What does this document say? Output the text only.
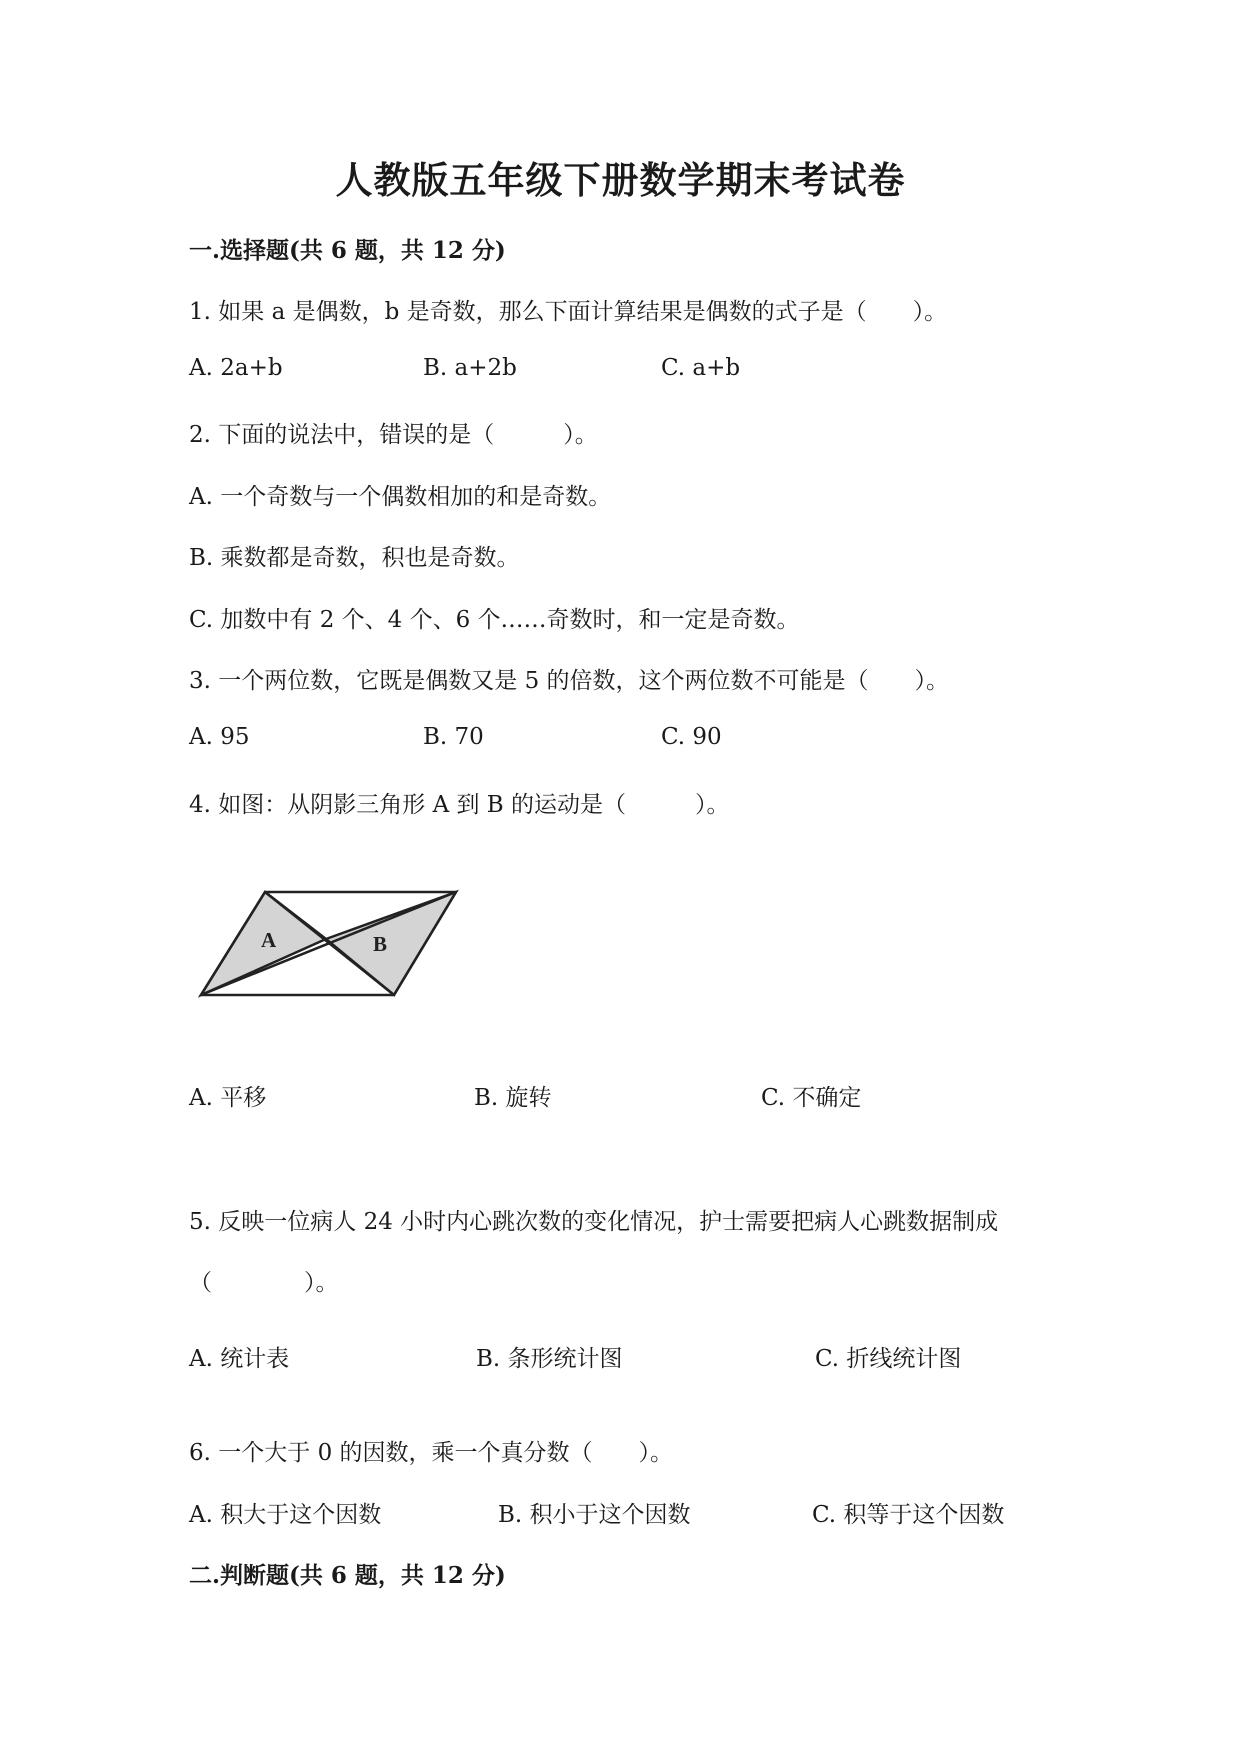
人教版五年级下册数学期末考试卷
一.选择题(共 6 题，共 12 分)
1. 如果 a 是偶数，b 是奇数，那么下面计算结果是偶数的式子是（　　）。
A. 2a+b	B. a+2b	C. a+b
2. 下面的说法中，错误的是（　　　）。
A. 一个奇数与一个偶数相加的和是奇数。
B. 乘数都是奇数，积也是奇数。
C. 加数中有 2 个、4 个、6 个……奇数时，和一定是奇数。
3. 一个两位数，它既是偶数又是 5 的倍数，这个两位数不可能是（　　）。
A. 95	B. 70	C. 90
4. 如图：从阴影三角形 A 到 B 的运动是（　　　）。
A	B
A. 平移	B. 旋转	C. 不确定
5. 反映一位病人 24 小时内心跳次数的变化情况，护士需要把病人心跳数据制成
（　　　　）。
A. 统计表	B. 条形统计图	C. 折线统计图
6. 一个大于 0 的因数，乘一个真分数（　　）。
A. 积大于这个因数	B. 积小于这个因数	C. 积等于这个因数
二.判断题(共 6 题，共 12 分)
